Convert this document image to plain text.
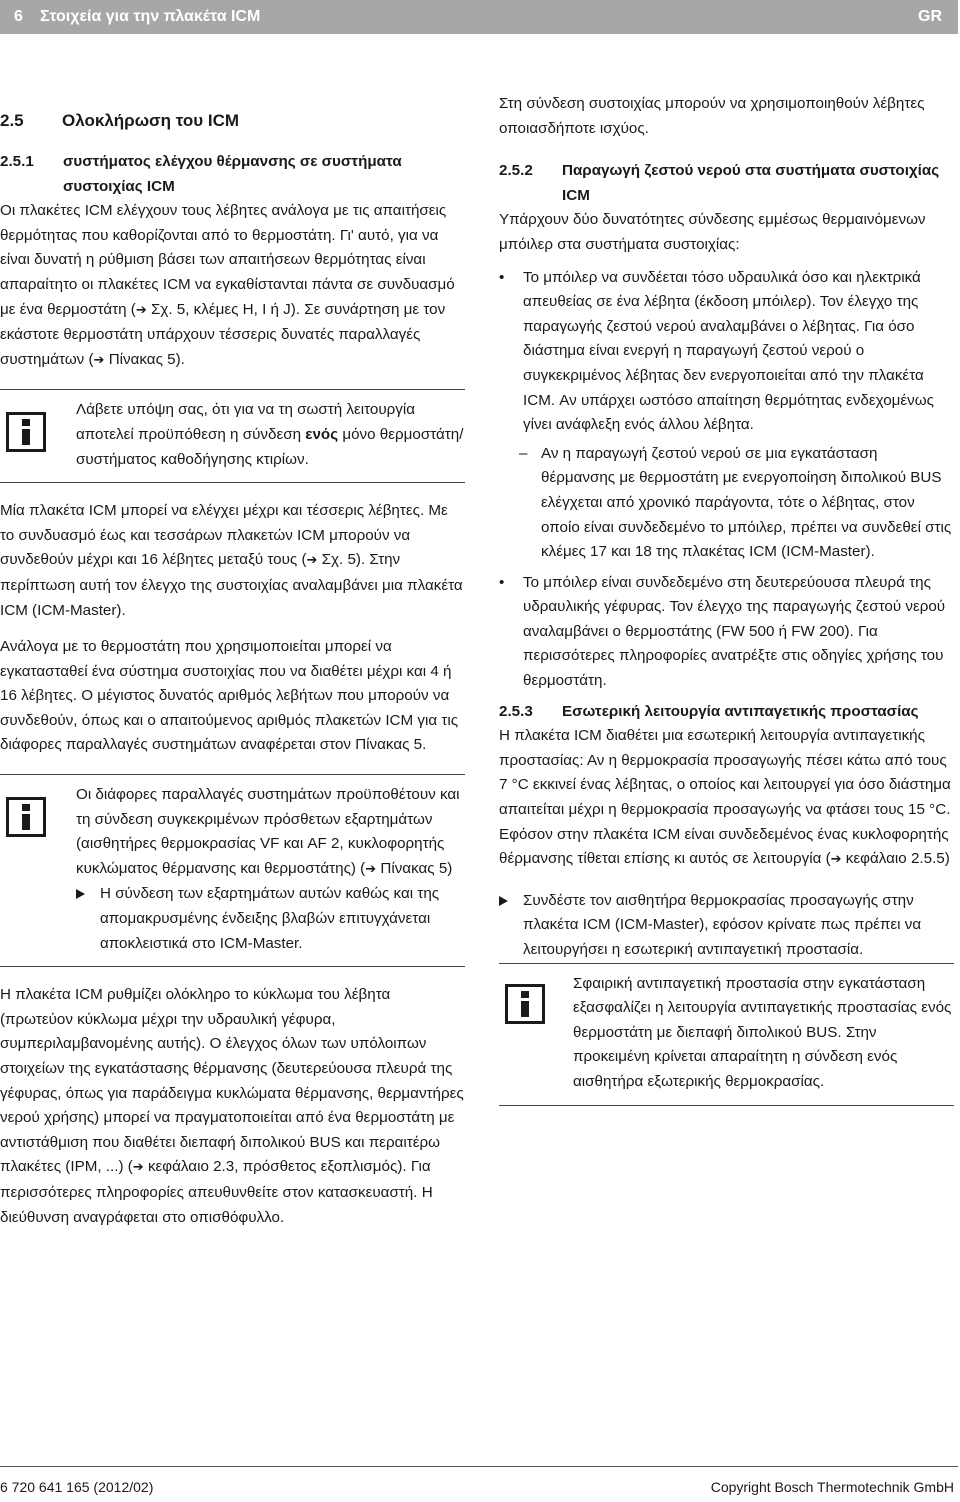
6 Στοιχεία για την πλακέτα ICM	GR
2.5 Ολοκλήρωση του ICM
2.5.1	συστήματος ελέγχου θέρμανσης σε συστήματα συστοιχίας ICM

Οι πλακέτες ICM ελέγχουν τους λέβητες ανάλογα με τις απαιτήσεις θερμότητας που καθορίζονται από το θερμοστάτη. Γι' αυτό, για να είναι δυνατή η ρύθμιση βάσει των απαιτήσεων θερμότητας είναι απαραίτητο οι πλακέτες ICM να εγκαθίστανται πάντα σε συνδυασμό με ένα θερμοστάτη (➔ Σχ. 5, κλέμες H, I ή J). Σε συνάρτηση με τον εκάστοτε θερμοστάτη υπάρχουν τέσσερις δυνατές παραλλαγές συστημάτων (➔ Πίνακας 5).

Λάβετε υπόψη σας, ότι για να τη σωστή λειτουργία αποτελεί προϋπόθεση η σύνδεση ενός μόνο θερμοστάτη/συστήματος καθοδήγησης κτιρίων.

Μία πλακέτα ICM μπορεί να ελέγχει μέχρι και τέσσερις λέβητες. Με το συνδυασμό έως και τεσσάρων πλακετών ICM μπορούν να συνδεθούν μέχρι και 16 λέβητες μεταξύ τους (➔ Σχ. 5). Στην περίπτωση αυτή τον έλεγχο της συστοιχίας αναλαμβάνει μια πλακέτα ICM (ICM-Master).

Ανάλογα με το θερμοστάτη που χρησιμοποιείται μπορεί να εγκατασταθεί ένα σύστημα συστοιχίας που να διαθέτει μέχρι και 4 ή 16 λέβητες. Ο μέγιστος δυνατός αριθμός λεβήτων που μπορούν να συνδεθούν, όπως και ο απαιτούμενος αριθμός πλακετών ICM για τις διάφορες παραλλαγές συστημάτων αναφέρεται στον Πίνακας 5.

Οι διάφορες παραλλαγές συστημάτων προϋποθέτουν και τη σύνδεση συγκεκριμένων πρόσθετων εξαρτημάτων (αισθητήρες θερμοκρασίας VF και AF 2, κυκλοφορητής κυκλώματος θέρμανσης και θερμοστάτης) (➔ Πίνακας 5)

Η σύνδεση των εξαρτημάτων αυτών καθώς και της απομακρυσμένης ένδειξης βλαβών επιτυγχάνεται αποκλειστικά στο ICM-Master.

Η πλακέτα ICM ρυθμίζει ολόκληρο το κύκλωμα του λέβητα (πρωτεύον κύκλωμα μέχρι την υδραυλική γέφυρα, συμπεριλαμβανομένης αυτής). Ο έλεγχος όλων των υπόλοιπων στοιχείων της εγκατάστασης θέρμανσης (δευτερεύουσα πλευρά της γέφυρας, όπως για παράδειγμα κυκλώματα θέρμανσης, θερμαντήρες νερού χρήσης) μπορεί να πραγματοποιείται από ένα θερμοστάτη με αντιστάθμιση που διαθέτει διεπαφή διπολικού BUS και περαιτέρω πλακέτες (IPM, ...) (➔ κεφάλαιο 2.3, πρόσθετος εξοπλισμός). Για περισσότερες πληροφορίες απευθυνθείτε στον κατασκευαστή. Η διεύθυνση αναγράφεται στο οπισθόφυλλο.

Στη σύνδεση συστοιχίας μπορούν να χρησιμοποιηθούν λέβητες οποιασδήποτε ισχύος.

2.5.2	Παραγωγή ζεστού νερού στα συστήματα συστοιχίας ICM

Υπάρχουν δύο δυνατότητες σύνδεσης εμμέσως θερμαινόμενων μπόιλερ στα συστήματα συστοιχίας:

• Το μπόιλερ να συνδέεται τόσο υδραυλικά όσο και ηλεκτρικά απευθείας σε ένα λέβητα (έκδοση μπόιλερ). Τον έλεγχο της παραγωγής ζεστού νερού αναλαμβάνει ο λέβητας. Για όσο διάστημα είναι ενεργή η παραγωγή ζεστού νερού ο συγκεκριμένος λέβητας δεν ενεργοποιείται από την πλακέτα ICM. Αν υπάρχει ωστόσο απαίτηση θερμότητας ενδεχομένως γίνει ανάφλεξη ενός άλλου λέβητα.
– Αν η παραγωγή ζεστού νερού σε μια εγκατάσταση θέρμανσης με θερμοστάτη με ενεργοποίηση διπολικού BUS ελέγχεται από χρονικό παράγοντα, τότε ο λέβητας, στον οποίο είναι συνδεδεμένο το μπόιλερ, πρέπει να συνδεθεί στις κλέμες 17 και 18 της πλακέτας ICM (ICM-Master).
• Το μπόιλερ είναι συνδεδεμένο στη δευτερεύουσα πλευρά της υδραυλικής γέφυρας. Τον έλεγχο της παραγωγής ζεστού νερού αναλαμβάνει ο θερμοστάτης (FW 500 ή FW 200). Για περισσότερες πληροφορίες ανατρέξτε στις οδηγίες χρήσης του θερμοστάτη.
2.5.3	Εσωτερική λειτουργία αντιπαγετικής προστασίας

Η πλακέτα ICM διαθέτει μια εσωτερική λειτουργία αντιπαγετικής προστασίας: Αν η θερμοκρασία προσαγωγής πέσει κάτω από τους 7 °C εκκινεί ένας λέβητας, ο οποίος και λειτουργεί για όσο διάστημα απαιτείται μέχρι η θερμοκρασία προσαγωγής να φτάσει τους 15 °C. Εφόσον στην πλακέτα ICM είναι συνδεδεμένος ένας κυκλοφορητής θέρμανσης τίθεται επίσης κι αυτός σε λειτουργία (➔ κεφάλαιο 2.5.5)

Συνδέστε τον αισθητήρα θερμοκρασίας προσαγωγής στην πλακέτα ICM (ICM-Master), εφόσον κρίνατε πως πρέπει να λειτουργήσει η εσωτερική αντιπαγετική προστασία.

Σφαιρική αντιπαγετική προστασία στην εγκατάσταση εξασφαλίζει η λειτουργία αντιπαγετικής προστασίας ενός θερμοστάτη με διεπαφή διπολικού BUS. Στην προκειμένη κρίνεται απαραίτητη η σύνδεση ενός αισθητήρα εξωτερικής θερμοκρασίας.

6 720 641 165 (2012/02)	Copyright Bosch Thermotechnik GmbH
